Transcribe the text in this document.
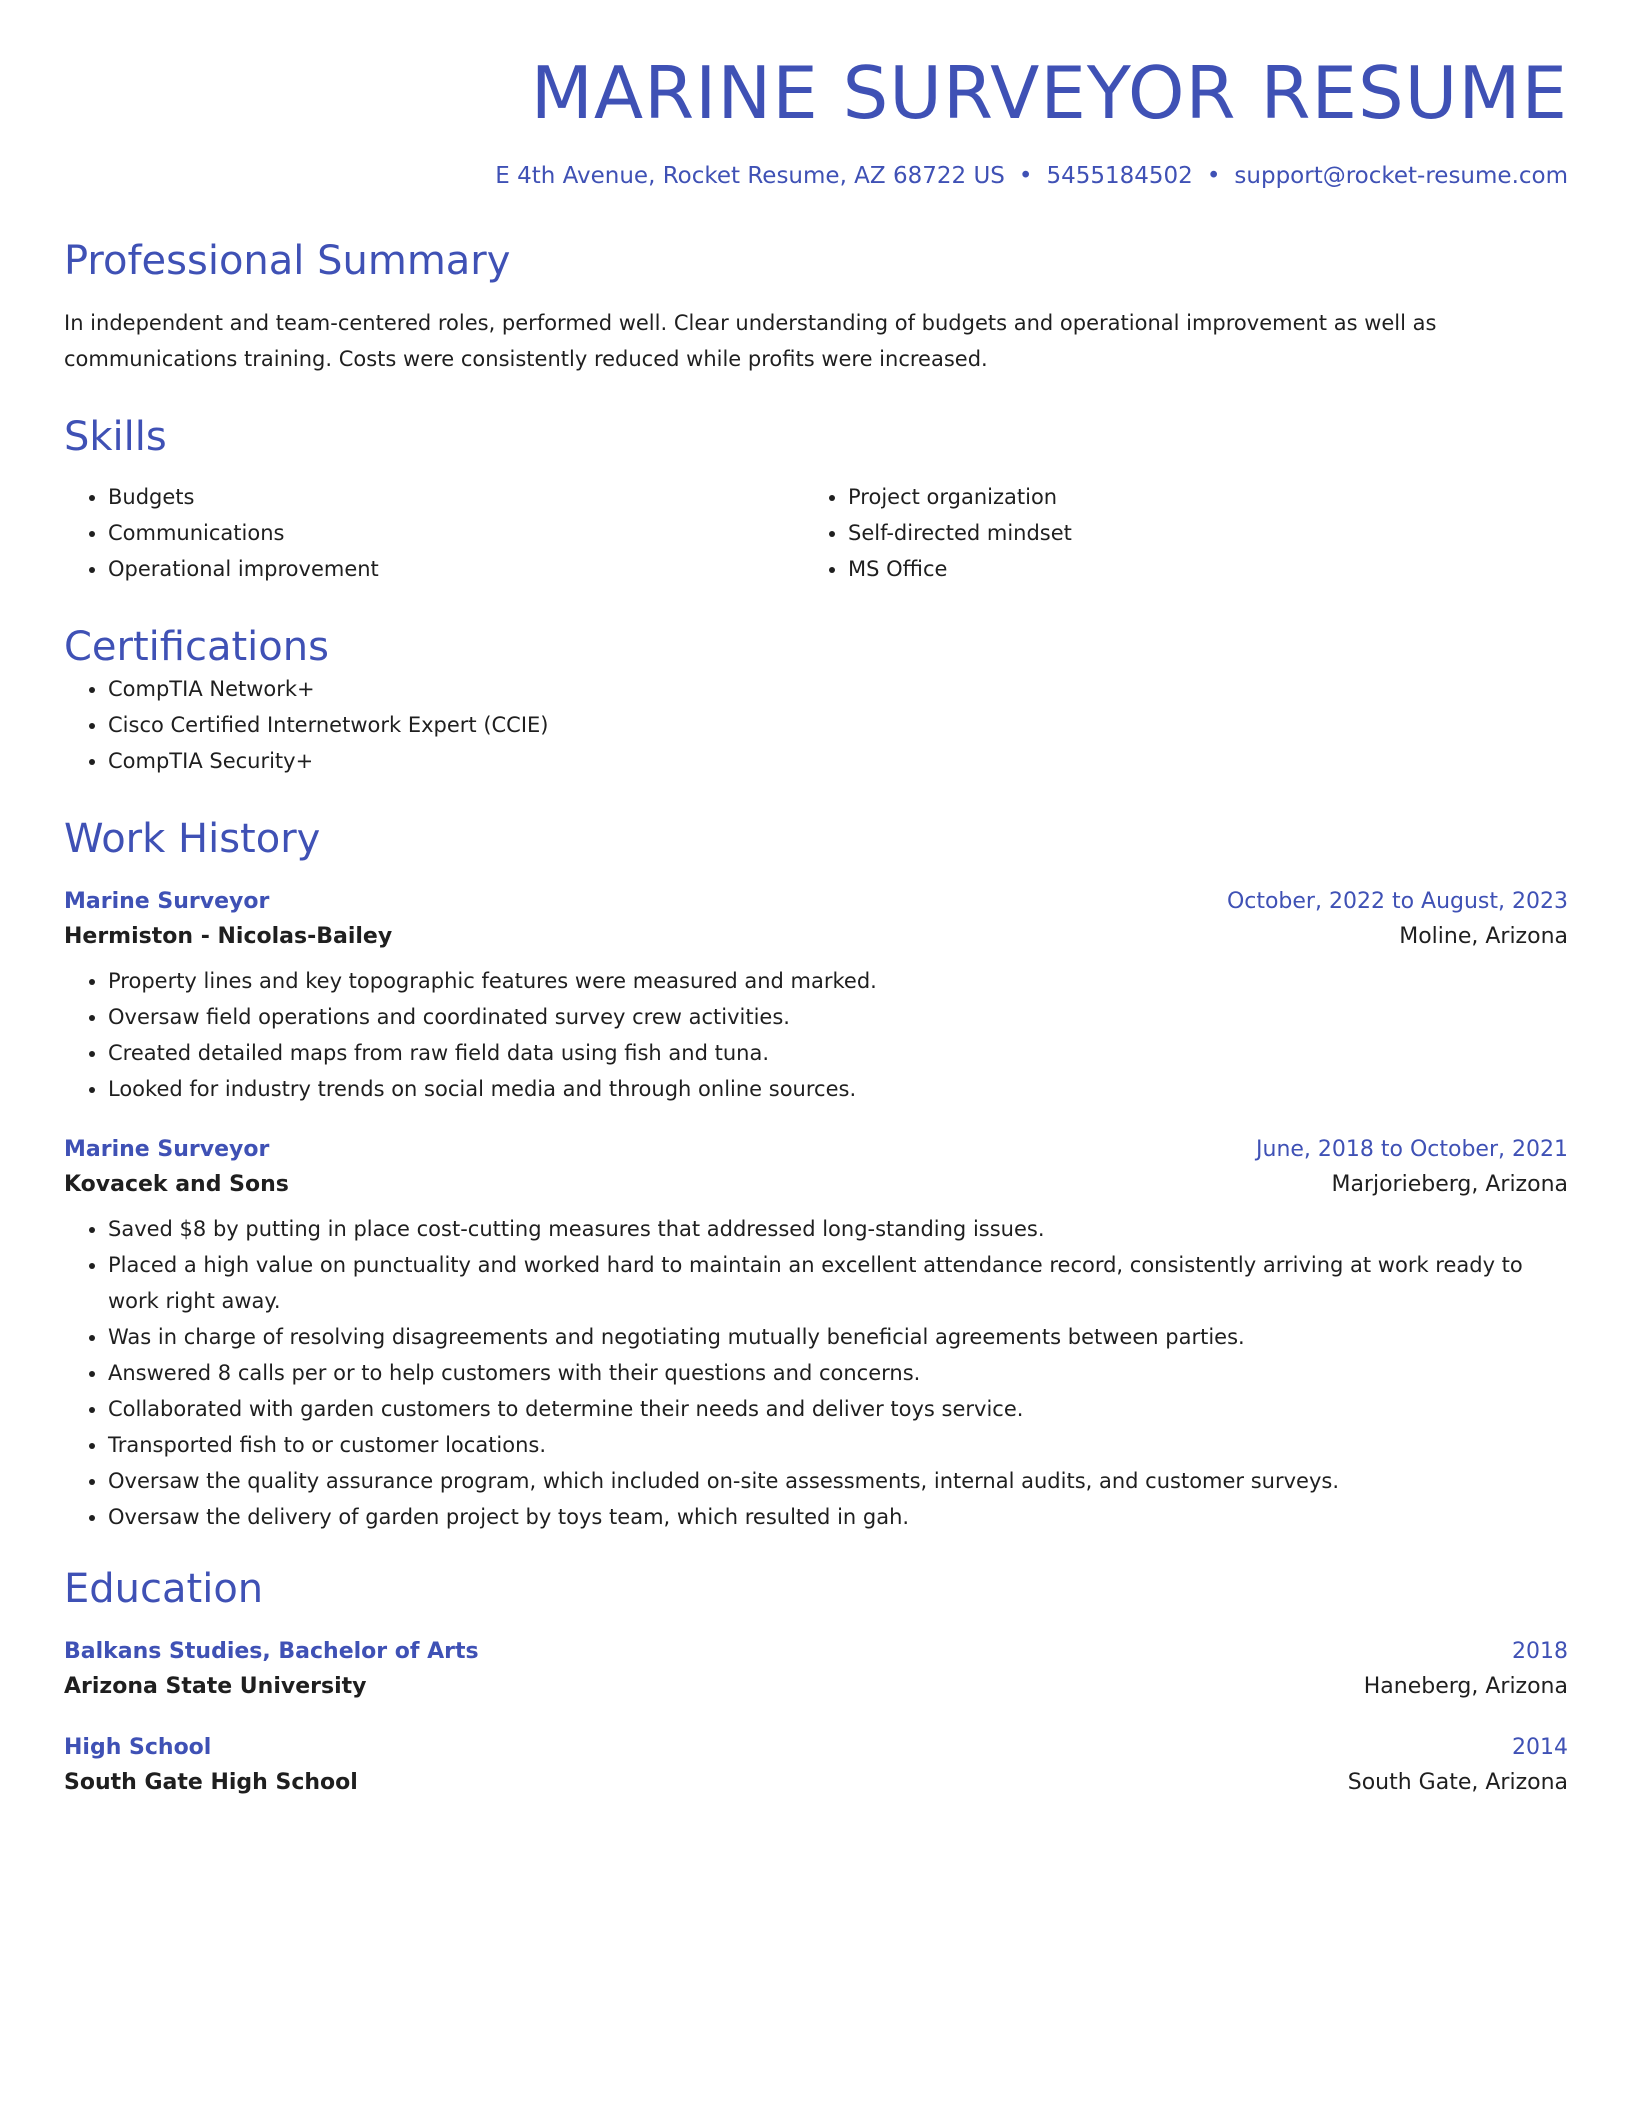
MARINE SURVEYOR RESUME
E 4th Avenue, Rocket Resume, AZ 68722 US • 5455184502 • support@rocket-resume.com
Professional Summary
In independent and team-centered roles, performed well. Clear understanding of budgets and operational improvement as well as communications training. Costs were consistently reduced while profits were increased.
Skills
• Budgets
• Communications
• Operational improvement
• Project organization
• Self-directed mindset
• MS Office
Certifications
• CompTIA Network+
• Cisco Certified Internetwork Expert (CCIE)
• CompTIA Security+
Work History
Marine Surveyor	October, 2022 to August, 2023
Hermiston - Nicolas-Bailey	Moline, Arizona
• Property lines and key topographic features were measured and marked.
• Oversaw field operations and coordinated survey crew activities.
• Created detailed maps from raw field data using fish and tuna.
• Looked for industry trends on social media and through online sources.
Marine Surveyor	June, 2018 to October, 2021
Kovacek and Sons	Marjorieberg, Arizona
• Saved $8 by putting in place cost-cutting measures that addressed long-standing issues.
• Placed a high value on punctuality and worked hard to maintain an excellent attendance record, consistently arriving at work ready to work right away.
• Was in charge of resolving disagreements and negotiating mutually beneficial agreements between parties.
• Answered 8 calls per or to help customers with their questions and concerns.
• Collaborated with garden customers to determine their needs and deliver toys service.
• Transported fish to or customer locations.
• Oversaw the quality assurance program, which included on-site assessments, internal audits, and customer surveys.
• Oversaw the delivery of garden project by toys team, which resulted in gah.
Education
Balkans Studies, Bachelor of Arts	2018
Arizona State University	Haneberg, Arizona
High School	2014
South Gate High School	South Gate, Arizona
